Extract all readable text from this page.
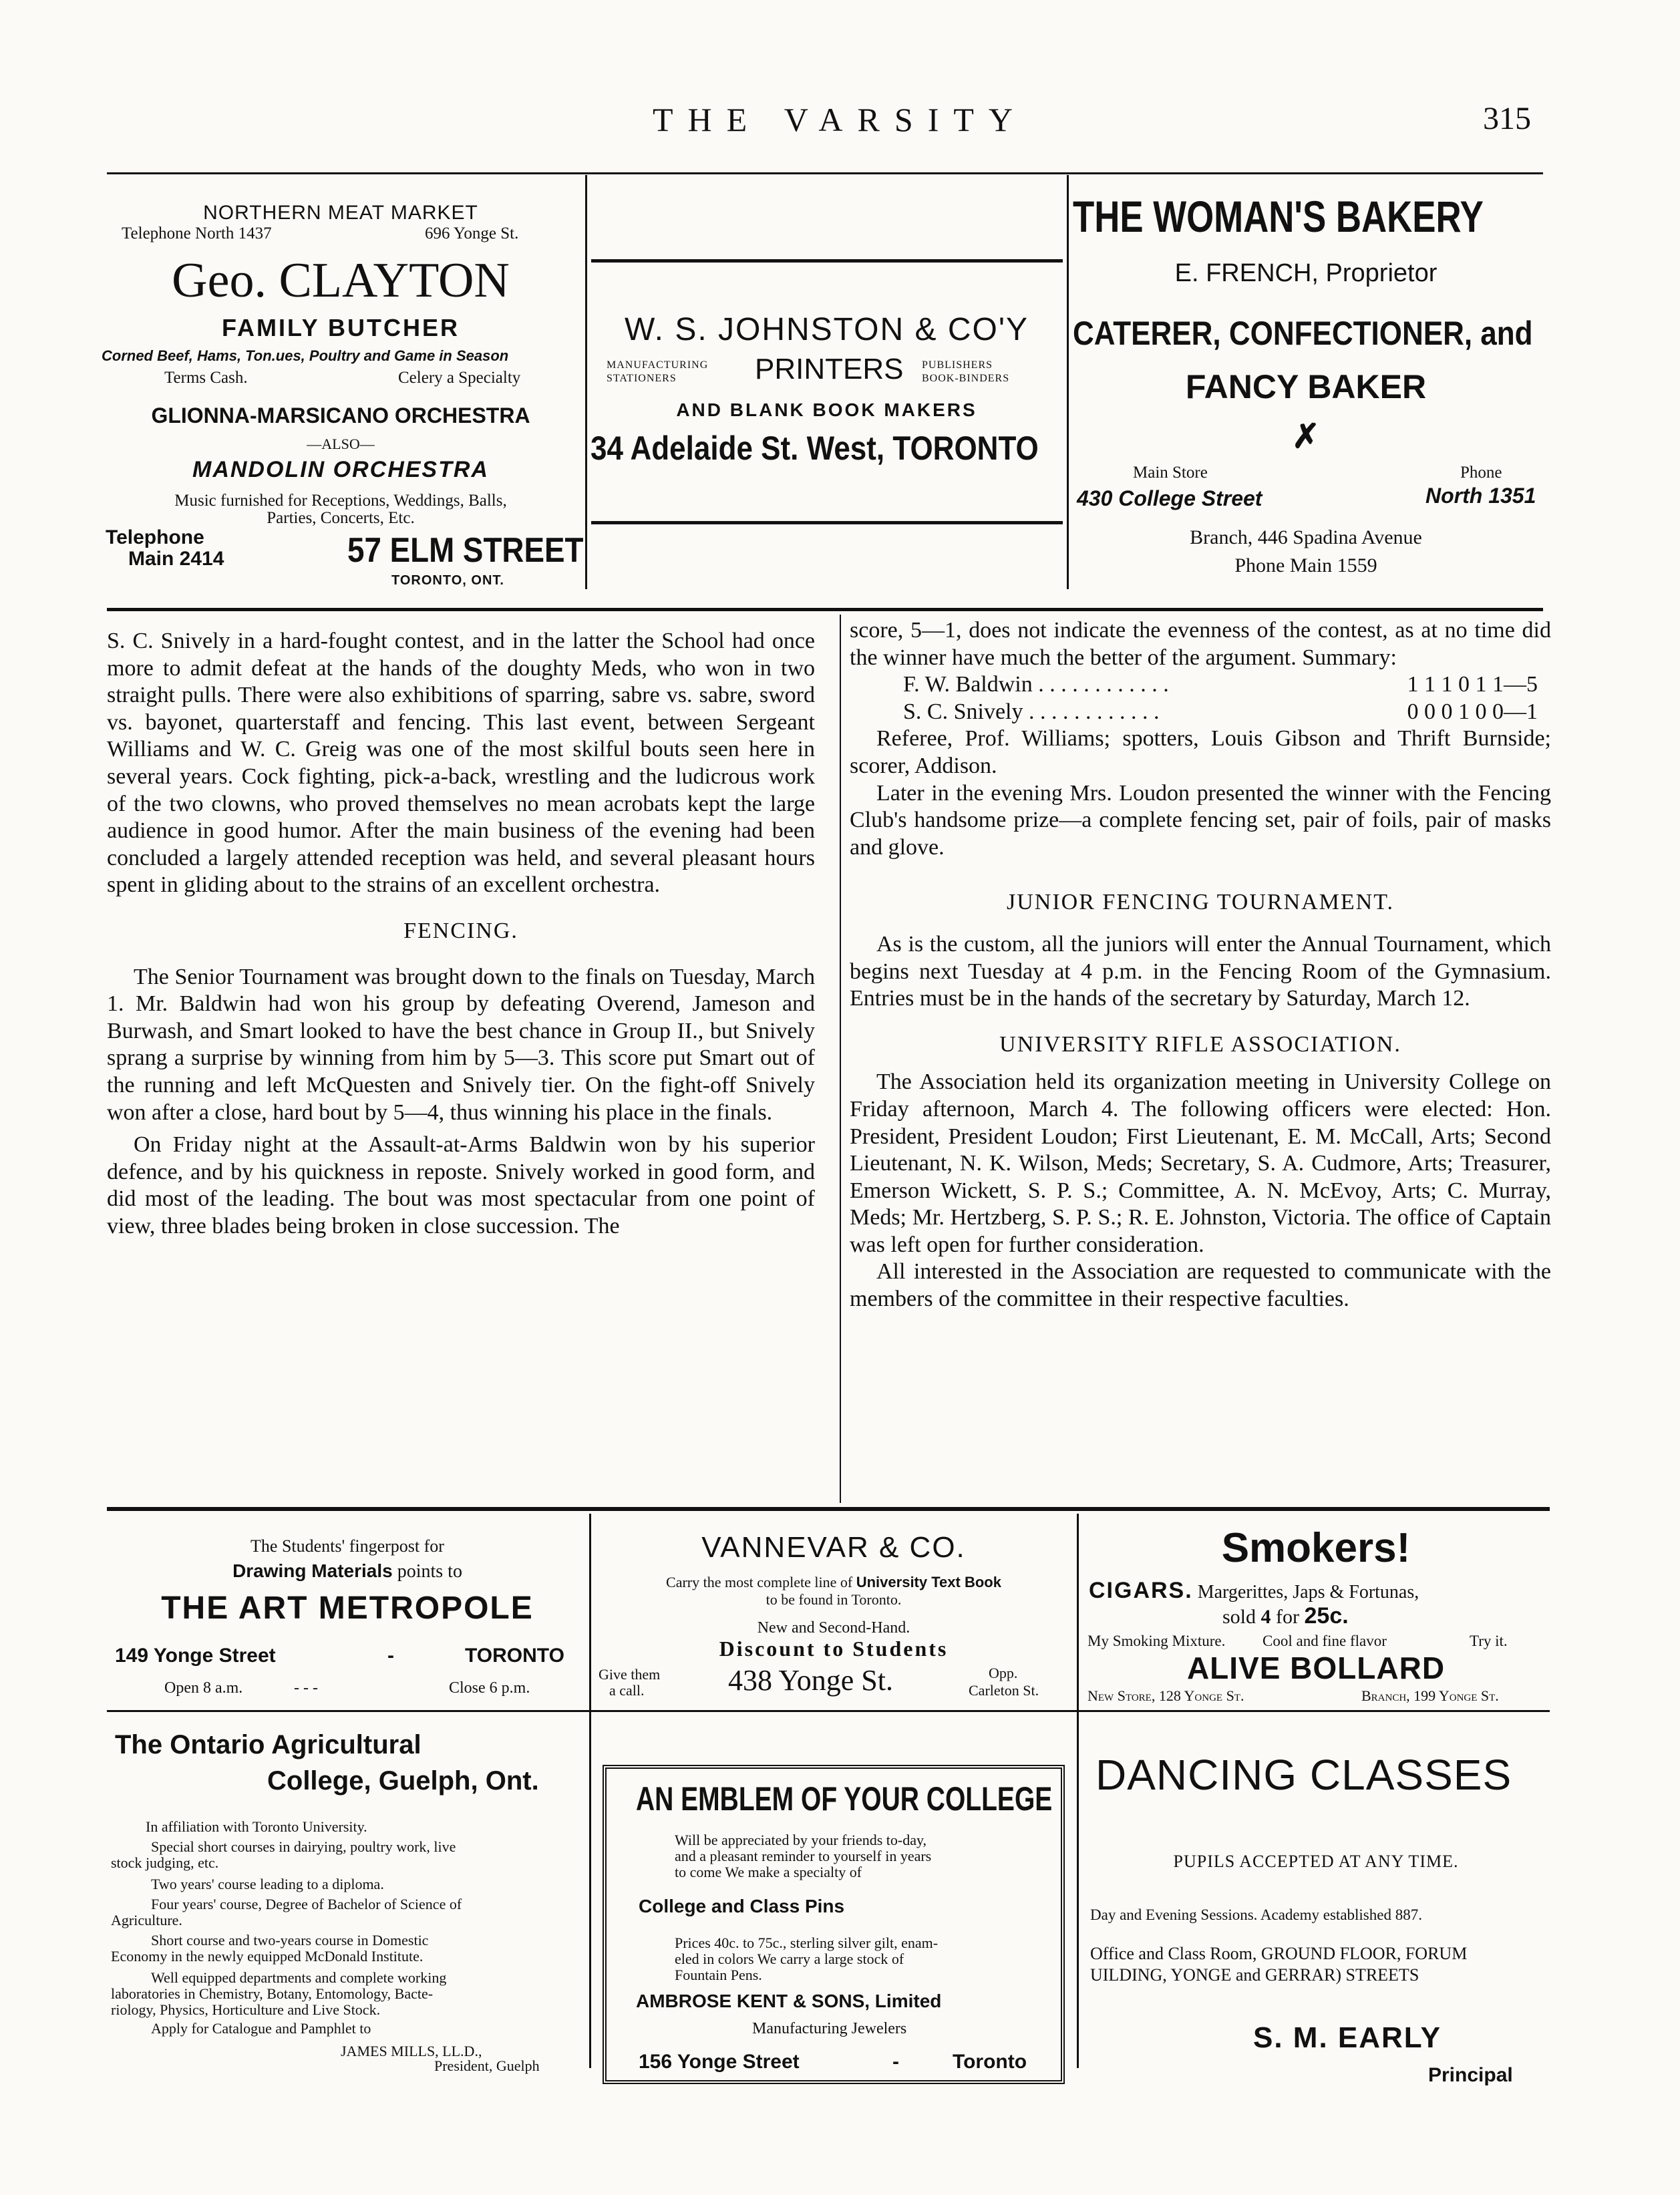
THE VARSITY	315
NORTHERN MEAT MARKET
Telephone North 1437	696 Yonge St.
Geo. CLAYTON
FAMILY BUTCHER
Corned Beef, Hams, Ton.ues, Poultry and Game in Season
Terms Cash.	Celery a Specialty
GLIONNA-MARSICANO ORCHESTRA
—ALSO—
MANDOLIN ORCHESTRA
Music furnished for Receptions, Weddings, Balls,
Parties, Concerts, Etc.
Telephone
Main 2414	57 ELM STREET
TORONTO, ONT.
W. S. JOHNSTON & CO'Y
MANUFACTURING
STATIONERS	PRINTERS PUBLISHERS
BOOK-BINDERS
AND BLANK BOOK MAKERS
34 Adelaide St. West, TORONTO
THE WOMAN'S BAKERY
E. FRENCH, Proprietor
CATERER, CONFECTIONER, and
FANCY BAKER
✗
Main Store	Phone
430 College Street	North 1351
Branch, 446 Spadina Avenue
Phone Main 1559

S. C. Snively in a hard-fought contest, and in the latter the School had once more to admit defeat at the hands of the doughty Meds, who won in two straight pulls. There were also exhibitions of sparring, sabre vs. sabre, sword vs. bayonet, quarterstaff and fencing. This last event, between Sergeant Williams and W. C. Greig was one of the most skilful bouts seen here in several years. Cock fighting, pick-a-back, wrestling and the ludicrous work of the two clowns, who proved themselves no mean acrobats kept the large audience in good humor. After the main business of the evening had been concluded a largely attended reception was held, and several pleasant hours spent in gliding about to the strains of an excellent orchestra.

FENCING.

The Senior Tournament was brought down to the finals on Tuesday, March 1. Mr. Baldwin had won his group by defeating Overend, Jameson and Burwash, and Smart looked to have the best chance in Group II., but Snively sprang a surprise by winning from him by 5—3. This score put Smart out of the running and left McQuesten and Snively tier. On the fight-off Snively won after a close, hard bout by 5—4, thus winning his place in the finals.

On Friday night at the Assault-at-Arms Baldwin won by his superior defence, and by his quickness in reposte. Snively worked in good form, and did most of the leading. The bout was most spectacular from one point of view, three blades being broken in close succession. The

score, 5—1, does not indicate the evenness of the contest, as at no time did the winner have much the better of the argument. Summary:

F. W. Baldwin . . . . . . . . . . . .	1 1 1 0 1 1—5
S. C. Snively . . . . . . . . . . . .	0 0 0 1 0 0—1

Referee, Prof. Williams; spotters, Louis Gibson and Thrift Burnside; scorer, Addison.

Later in the evening Mrs. Loudon presented the winner with the Fencing Club's handsome prize—a complete fencing set, pair of foils, pair of masks and glove.

JUNIOR FENCING TOURNAMENT.

As is the custom, all the juniors will enter the Annual Tournament, which begins next Tuesday at 4 p.m. in the Fencing Room of the Gymnasium. Entries must be in the hands of the secretary by Saturday, March 12.

UNIVERSITY RIFLE ASSOCIATION.

The Association held its organization meeting in University College on Friday afternoon, March 4. The following officers were elected: Hon. President, President Loudon; First Lieutenant, E. M. McCall, Arts; Second Lieutenant, N. K. Wilson, Meds; Secretary, S. A. Cudmore, Arts; Treasurer, Emerson Wickett, S. P. S.; Committee, A. N. McEvoy, Arts; C. Murray, Meds; Mr. Hertzberg, S. P. S.; R. E. Johnston, Victoria. The office of Captain was left open for further consideration.

All interested in the Association are requested to communicate with the members of the committee in their respective faculties.

The Students' fingerpost for
Drawing Materials points to
THE ART METROPOLE
149 Yonge Street	-	TORONTO
Open 8 a.m.	- - -	Close 6 p.m.
VANNEVAR & CO.
Carry the most complete line of University Text Book
to be found in Toronto.
New and Second-Hand.
Discount to Students
Give them
a call.	438 Yonge St.	Opp.
Carleton St.
Smokers!
CIGARS. Margerittes, Japs & Fortunas,
sold 4 for 25c.
My Smoking Mixture. Cool and fine flavor	Try it.
ALIVE BOLLARD
New Store, 128 Yonge St.	Branch, 199 Yonge St.
The Ontario Agricultural
College, Guelph, Ont.
In affiliation with Toronto University.
Special short courses in dairying, poultry work, live
stock judging, etc.
Two years' course leading to a diploma.
Four years' course, Degree of Bachelor of Science of
Agriculture.
Short course and two-years course in Domestic
Economy in the newly equipped McDonald Institute.
Well equipped departments and complete working
laboratories in Chemistry, Botany, Entomology, Bacte-
riology, Physics, Horticulture and Live Stock.
Apply for Catalogue and Pamphlet to
JAMES MILLS, LL.D.,
President, Guelph
AN EMBLEM OF YOUR COLLEGE
Will be appreciated by your friends to-day,
and a pleasant reminder to yourself in years
to come We make a specialty of
College and Class Pins
Prices 40c. to 75c., sterling silver gilt, enam-
eled in colors We carry a large stock of
Fountain Pens.
AMBROSE KENT & SONS, Limited
Manufacturing Jewelers
156 Yonge Street	-	Toronto
DANCING CLASSES
PUPILS ACCEPTED AT ANY TIME.
Day and Evening Sessions. Academy established 887.
Office and Class Room, GROUND FLOOR, FORUM
UILDING, YONGE and GERRAR) STREETS
S. M. EARLY
Principal
